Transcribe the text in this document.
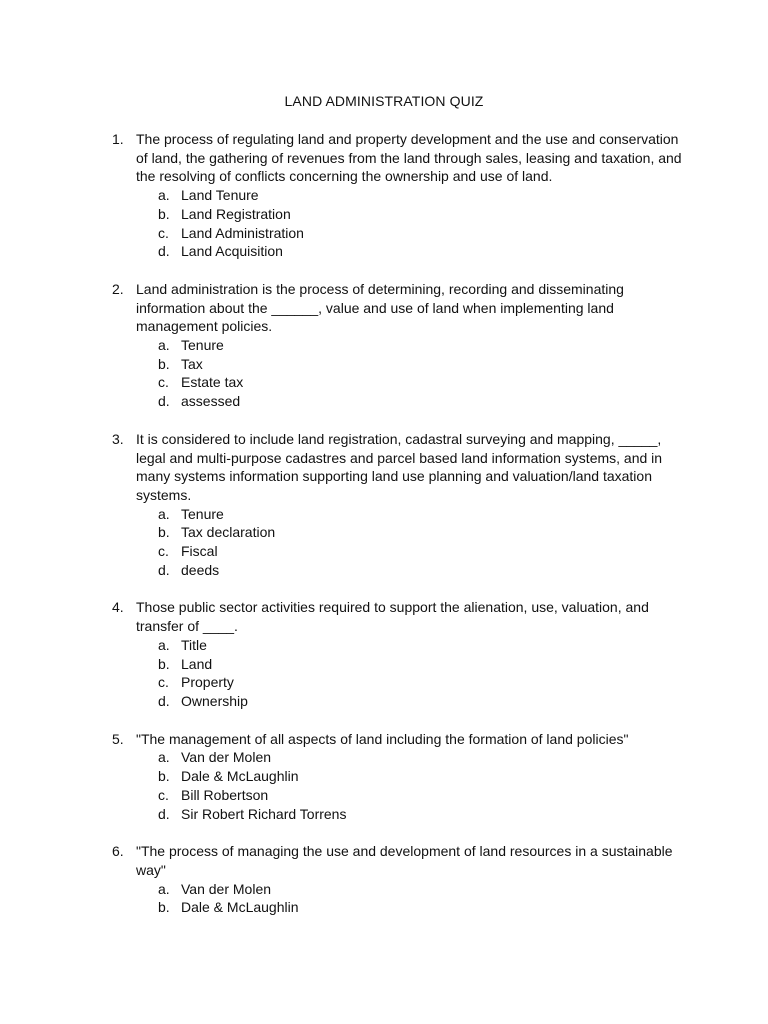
LAND ADMINISTRATION QUIZ
1. The process of regulating land and property development and the use and conservation of land, the gathering of revenues from the land through sales, leasing and taxation, and the resolving of conflicts concerning the ownership and use of land.
a. Land Tenure
b. Land Registration
c. Land Administration
d. Land Acquisition
2. Land administration is the process of determining, recording and disseminating information about the ______, value and use of land when implementing land management policies.
a. Tenure
b. Tax
c. Estate tax
d. assessed
3. It is considered to include land registration, cadastral surveying and mapping, _____, legal and multi-purpose cadastres and parcel based land information systems, and in many systems information supporting land use planning and valuation/land taxation systems.
a. Tenure
b. Tax declaration
c. Fiscal
d. deeds
4. Those public sector activities required to support the alienation, use, valuation, and transfer of ____.
a. Title
b. Land
c. Property
d. Ownership
5. "The management of all aspects of land including the formation of land policies"
a. Van der Molen
b. Dale & McLaughlin
c. Bill Robertson
d. Sir Robert Richard Torrens
6. "The process of managing the use and development of land resources in a sustainable way"
a. Van der Molen
b. Dale & McLaughlin
